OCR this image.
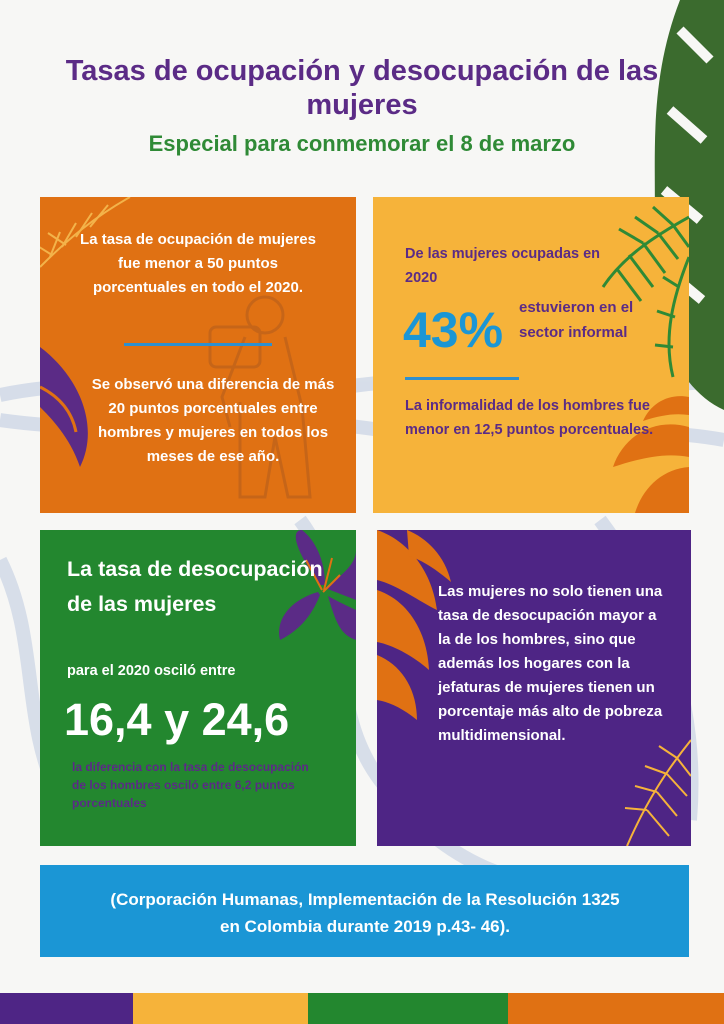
Tasas de ocupación y desocupación de las mujeres
Especial para conmemorar el 8 de marzo
La tasa de ocupación de mujeres fue menor a 50 puntos porcentuales en todo el 2020.
Se observó una diferencia de más 20 puntos porcentuales entre hombres y mujeres en todos los meses de ese año.
De las mujeres ocupadas en 2020
43% estuvieron en el sector informal
La informalidad de los hombres fue menor en 12,5 puntos porcentuales.
La tasa de desocupación de las mujeres
para el 2020 osciló entre
16,4 y 24,6
la diferencia con la tasa de desocupación de los hombres osciló entre 6,2 puntos porcentuales
Las mujeres no solo tienen una tasa de desocupación mayor a la de los hombres, sino que además los hogares con la jefaturas de mujeres tienen un porcentaje más alto de pobreza multidimensional.
(Corporación Humanas, Implementación de la Resolución 1325 en Colombia durante 2019 p.43- 46).
